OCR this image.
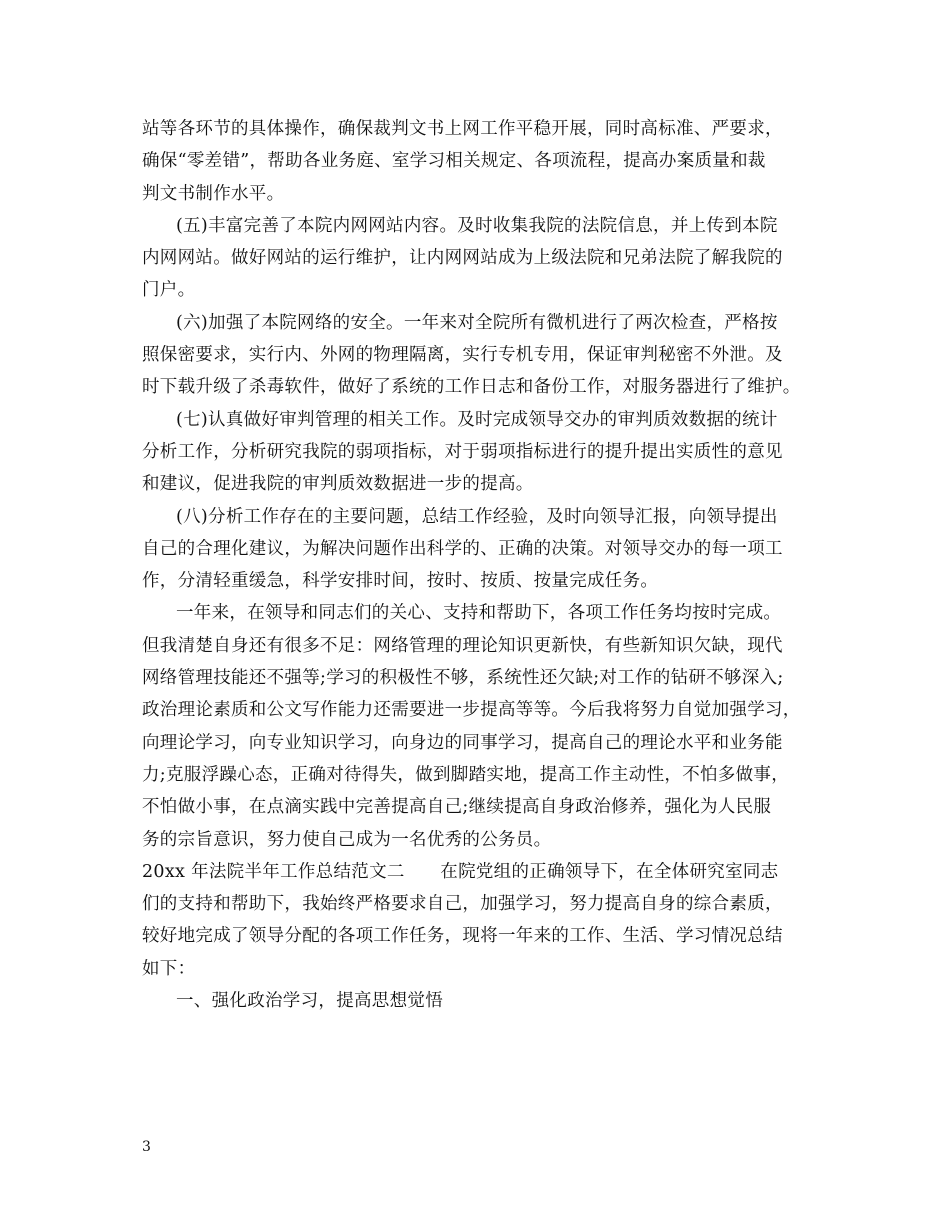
站等各环节的具体操作，确保裁判文书上网工作平稳开展，同时高标准、严要求，
确保“零差错”，帮助各业务庭、室学习相关规定、各项流程，提高办案质量和裁
判文书制作水平。
(五)丰富完善了本院内网网站内容。及时收集我院的法院信息，并上传到本院
内网网站。做好网站的运行维护，让内网网站成为上级法院和兄弟法院了解我院的
门户。
(六)加强了本院网络的安全。一年来对全院所有微机进行了两次检查，严格按
照保密要求，实行内、外网的物理隔离，实行专机专用，保证审判秘密不外泄。及
时下载升级了杀毒软件，做好了系统的工作日志和备份工作，对服务器进行了维护。
(七)认真做好审判管理的相关工作。及时完成领导交办的审判质效数据的统计
分析工作，分析研究我院的弱项指标，对于弱项指标进行的提升提出实质性的意见
和建议，促进我院的审判质效数据进一步的提高。
(八)分析工作存在的主要问题，总结工作经验，及时向领导汇报，向领导提出
自己的合理化建议，为解决问题作出科学的、正确的决策。对领导交办的每一项工
作，分清轻重缓急，科学安排时间，按时、按质、按量完成任务。
一年来，在领导和同志们的关心、支持和帮助下，各项工作任务均按时完成。
但我清楚自身还有很多不足：网络管理的理论知识更新快，有些新知识欠缺，现代
网络管理技能还不强等;学习的积极性不够，系统性还欠缺;对工作的钻研不够深入;
政治理论素质和公文写作能力还需要进一步提高等等。今后我将努力自觉加强学习，
向理论学习，向专业知识学习，向身边的同事学习，提高自己的理论水平和业务能
力;克服浮躁心态，正确对待得失，做到脚踏实地，提高工作主动性，不怕多做事，
不怕做小事，在点滴实践中完善提高自己;继续提高自身政治修养，强化为人民服
务的宗旨意识，努力使自己成为一名优秀的公务员。
20xx 年法院半年工作总结范文二　　在院党组的正确领导下，在全体研究室同志
们的支持和帮助下，我始终严格要求自己，加强学习，努力提高自身的综合素质，
较好地完成了领导分配的各项工作任务，现将一年来的工作、生活、学习情况总结
如下：
一、强化政治学习，提高思想觉悟
3
